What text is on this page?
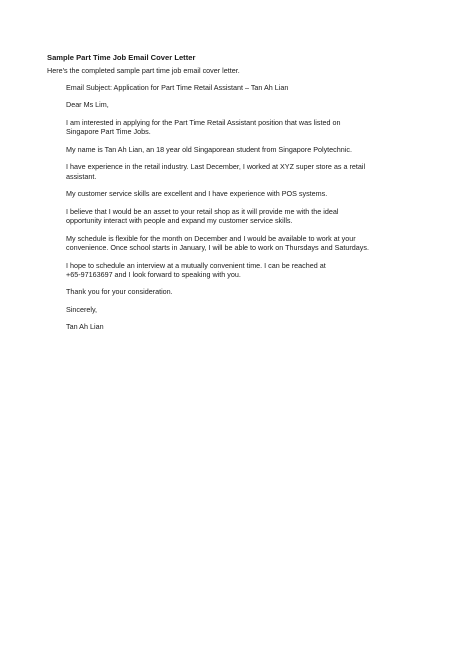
Sample Part Time Job Email Cover Letter
Here's the completed sample part time job email cover letter.

Email Subject: Application for Part Time Retail Assistant – Tan Ah Lian

Dear Ms Lim,

I am interested in applying for the Part Time Retail Assistant position that was listed on
Singapore Part Time Jobs.

My name is Tan Ah Lian, an 18 year old Singaporean student from Singapore Polytechnic.

I have experience in the retail industry. Last December, I worked at XYZ super store as a retail
assistant.

My customer service skills are excellent and I have experience with POS systems.

I believe that I would be an asset to your retail shop as it will provide me with the ideal
opportunity interact with people and expand my customer service skills.

My schedule is flexible for the month on December and I would be available to work at your
convenience. Once school starts in January, I will be able to work on Thursdays and Saturdays.

I hope to schedule an interview at a mutually convenient time. I can be reached at
+65-97163697 and I look forward to speaking with you.

Thank you for your consideration.

Sincerely,

Tan Ah Lian
